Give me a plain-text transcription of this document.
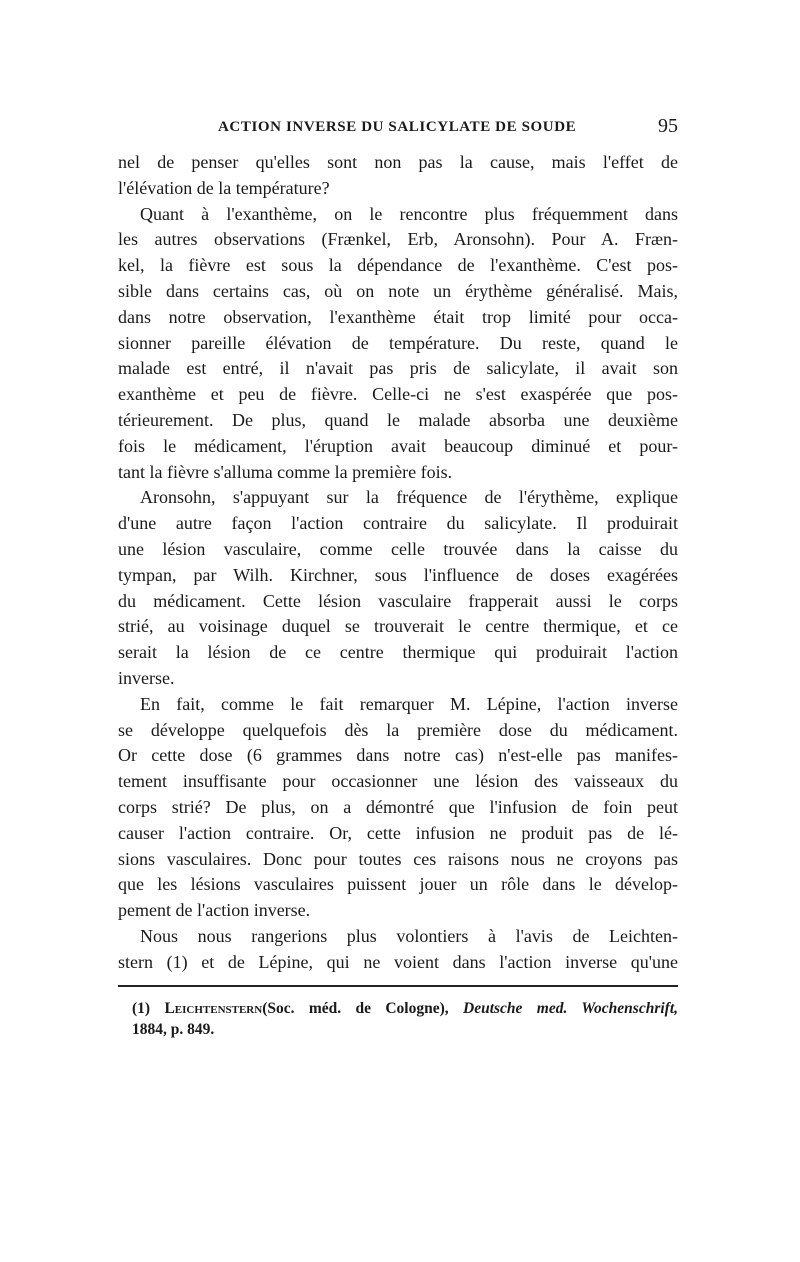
ACTION INVERSE DU SALICYLATE DE SOUDE	95
nel de penser qu'elles sont non pas la cause, mais l'effet de
l'élévation de la température?
Quant à l'exanthème, on le rencontre plus fréquemment dans
les autres observations (Frænkel, Erb, Aronsohn). Pour A. Fræn-
kel, la fièvre est sous la dépendance de l'exanthème. C'est pos-
sible dans certains cas, où on note un érythème généralisé. Mais,
dans notre observation, l'exanthème était trop limité pour occa-
sionner pareille élévation de température. Du reste, quand le
malade est entré, il n'avait pas pris de salicylate, il avait son
exanthème et peu de fièvre. Celle-ci ne s'est exaspérée que pos-
térieurement. De plus, quand le malade absorba une deuxième
fois le médicament, l'éruption avait beaucoup diminué et pour-
tant la fièvre s'alluma comme la première fois.
Aronsohn, s'appuyant sur la fréquence de l'érythème, explique
d'une autre façon l'action contraire du salicylate. Il produirait
une lésion vasculaire, comme celle trouvée dans la caisse du
tympan, par Wilh. Kirchner, sous l'influence de doses exagérées
du médicament. Cette lésion vasculaire frapperait aussi le corps
strié, au voisinage duquel se trouverait le centre thermique, et ce
serait la lésion de ce centre thermique qui produirait l'action
inverse.
En fait, comme le fait remarquer M. Lépine, l'action inverse
se développe quelquefois dès la première dose du médicament.
Or cette dose (6 grammes dans notre cas) n'est-elle pas manifes-
tement insuffisante pour occasionner une lésion des vaisseaux du
corps strié? De plus, on a démontré que l'infusion de foin peut
causer l'action contraire. Or, cette infusion ne produit pas de lé-
sions vasculaires. Donc pour toutes ces raisons nous ne croyons pas
que les lésions vasculaires puissent jouer un rôle dans le dévelop-
pement de l'action inverse.
Nous nous rangerions plus volontiers à l'avis de Leichten-
stern (1) et de Lépine, qui ne voient dans l'action inverse qu'une
(1) Leichtenstern(Soc. méd. de Cologne), Deutsche med. Wochenschrift,
1884, p. 849.
